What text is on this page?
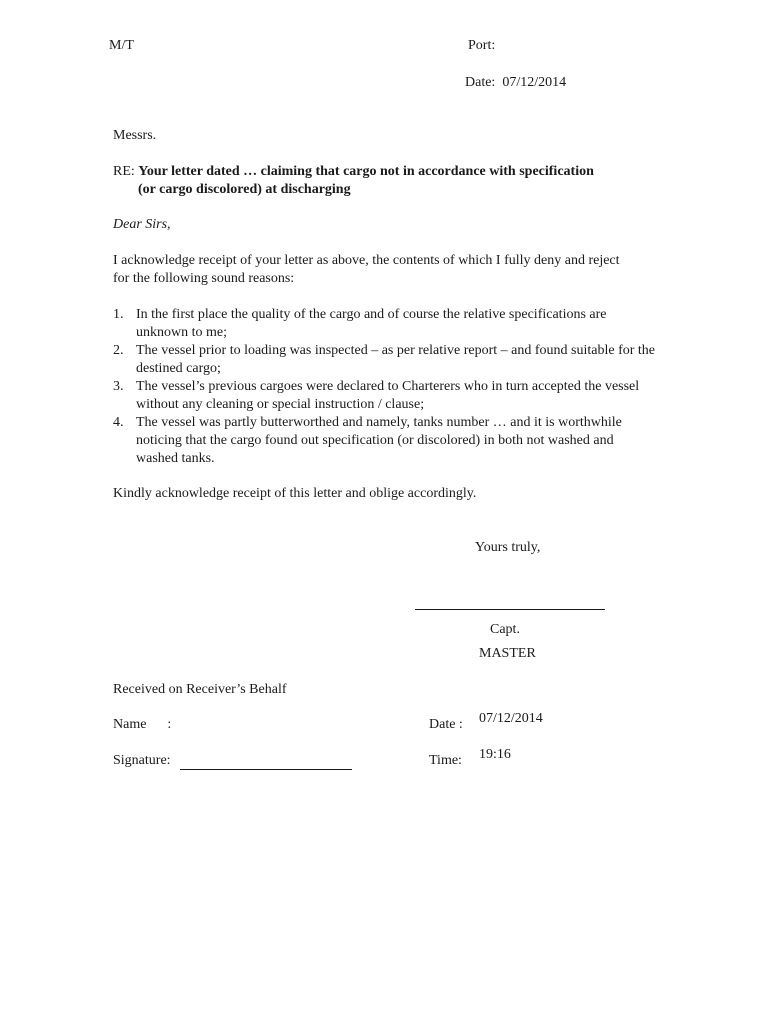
M/T	Port:
Date: 07/12/2014
Messrs.
RE: Your letter dated … claiming that cargo not in accordance with specification
(or cargo discolored) at discharging
Dear Sirs,
I acknowledge receipt of your letter as above, the contents of which I fully deny and reject for the following sound reasons:
1. In the first place the quality of the cargo and of course the relative specifications are unknown to me;
2. The vessel prior to loading was inspected – as per relative report – and found suitable for the destined cargo;
3. The vessel’s previous cargoes were declared to Charterers who in turn accepted the vessel without any cleaning or special instruction / clause;
4. The vessel was partly butterworthed and namely, tanks number … and it is worthwhile noticing that the cargo found out specification (or discolored) in both not washed and washed tanks.
Kindly acknowledge receipt of this letter and oblige accordingly.
Yours truly,
Capt.
MASTER
Received on Receiver’s Behalf
Name      :	Date : 07/12/2014
Signature:	Time: 19:16
